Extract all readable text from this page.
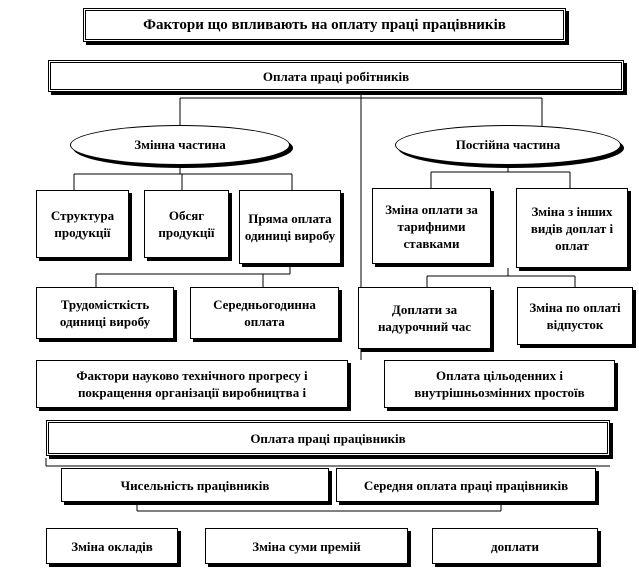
Фактори що впливають на оплату праці працівників
Оплата праці робітників
Змінна частина	Постійна частина
Структура продукції
Обсяг продукції
Пряма оплата одиниці виробу
Трудомісткість одиниці виробу
Середньогодинна оплата
Фактори науково технічного прогресу і покращення організації виробництва і
Зміна оплати за тарифними ставками
Зміна з інших видів доплат і оплат
Доплати за надурочний час
Зміна по оплаті відпусток
Оплата цільоденних і внутрішньозмінних простоїв
Оплата праці працівників
Чисельність працівників	Середня оплата праці працівників
Зміна окладів	Зміна суми премій	доплати
